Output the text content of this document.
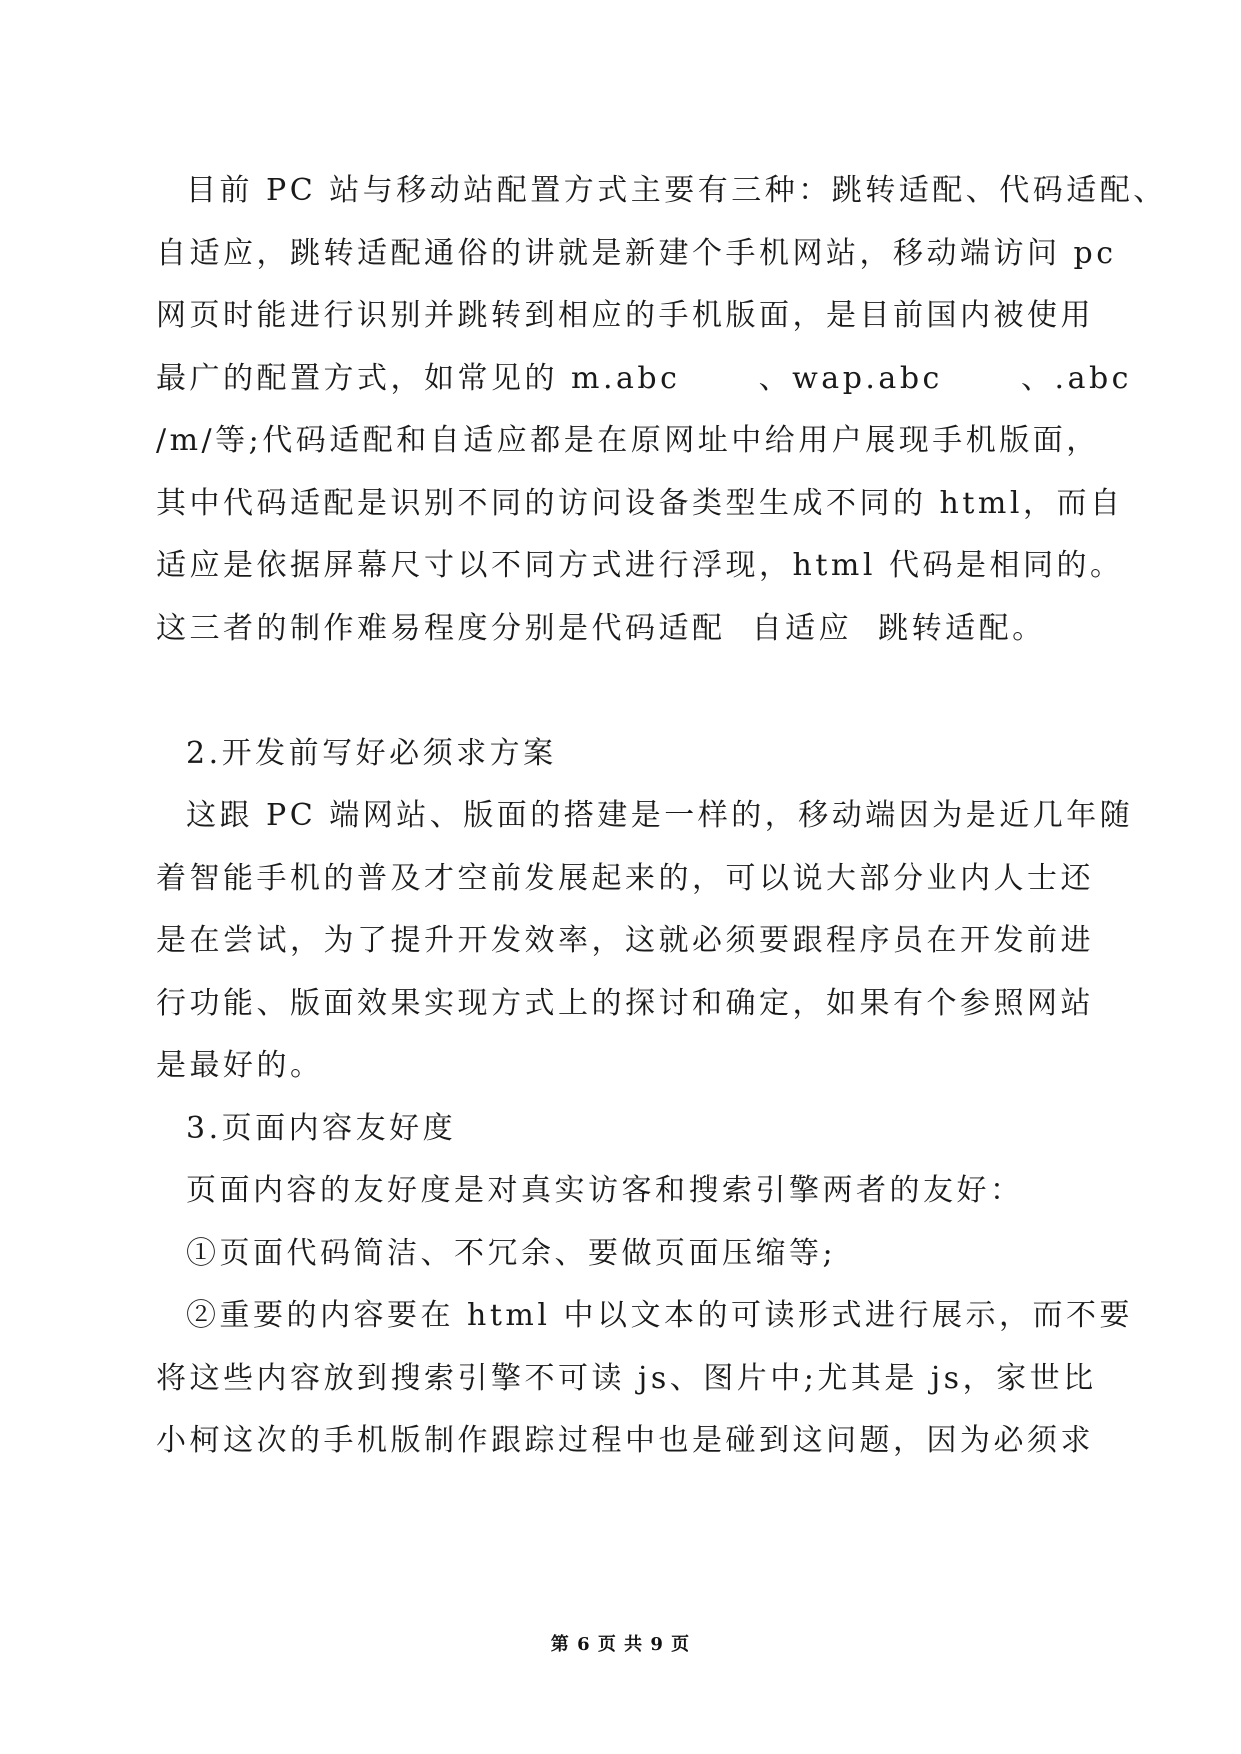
目前 PC 站与移动站配置方式主要有三种：跳转适配、代码适配、
自适应，跳转适配通俗的讲就是新建个手机网站，移动端访问 pc
网页时能进行识别并跳转到相应的手机版面，是目前国内被使用
最广的配置方式，如常见的 m.abc      、wap.abc      、.abc
/m/等;代码适配和自适应都是在原网址中给用户展现手机版面，
其中代码适配是识别不同的访问设备类型生成不同的 html，而自
适应是依据屏幕尺寸以不同方式进行浮现，html 代码是相同的。
这三者的制作难易程度分别是代码适配  自适应  跳转适配。
2.开发前写好必须求方案
这跟 PC 端网站、版面的搭建是一样的，移动端因为是近几年随
着智能手机的普及才空前发展起来的，可以说大部分业内人士还
是在尝试，为了提升开发效率，这就必须要跟程序员在开发前进
行功能、版面效果实现方式上的探讨和确定，如果有个参照网站
是最好的。
3.页面内容友好度
页面内容的友好度是对真实访客和搜索引擎两者的友好：
①页面代码简洁、不冗余、要做页面压缩等;
②重要的内容要在 html 中以文本的可读形式进行展示，而不要
将这些内容放到搜索引擎不可读 js、图片中;尤其是 js，家世比
小柯这次的手机版制作跟踪过程中也是碰到这问题，因为必须求
第 6 页 共 9 页
